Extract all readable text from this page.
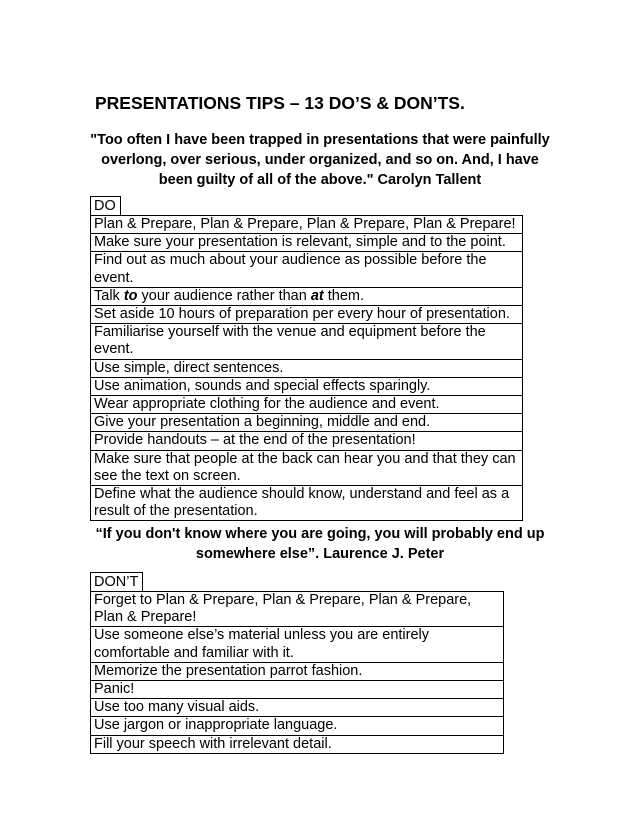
PRESENTATIONS TIPS – 13 DO’S & DON’TS.

"Too often I have been trapped in presentations that were painfully overlong, over serious, under organized, and so on. And, I have been guilty of all of the above." Carolyn Tallent

DO
Plan & Prepare, Plan & Prepare, Plan & Prepare, Plan & Prepare!
Make sure your presentation is relevant, simple and to the point.
Find out as much about your audience as possible before the event.
Talk to your audience rather than at them.
Set aside 10 hours of preparation per every hour of presentation.
Familiarise yourself with the venue and equipment before the event.
Use simple, direct sentences.
Use animation, sounds and special effects sparingly.
Wear appropriate clothing for the audience and event.
Give your presentation a beginning, middle and end.
Provide handouts – at the end of the presentation!
Make sure that people at the back can hear you and that they can see the text on screen.
Define what the audience should know, understand and feel as a result of the presentation.

“If you don't know where you are going, you will probably end up somewhere else”. Laurence J. Peter

DON’T
Forget to Plan & Prepare, Plan & Prepare, Plan & Prepare, Plan & Prepare!
Use someone else’s material unless you are entirely comfortable and familiar with it.
Memorize the presentation parrot fashion.
Panic!
Use too many visual aids.
Use jargon or inappropriate language.
Fill your speech with irrelevant detail.
